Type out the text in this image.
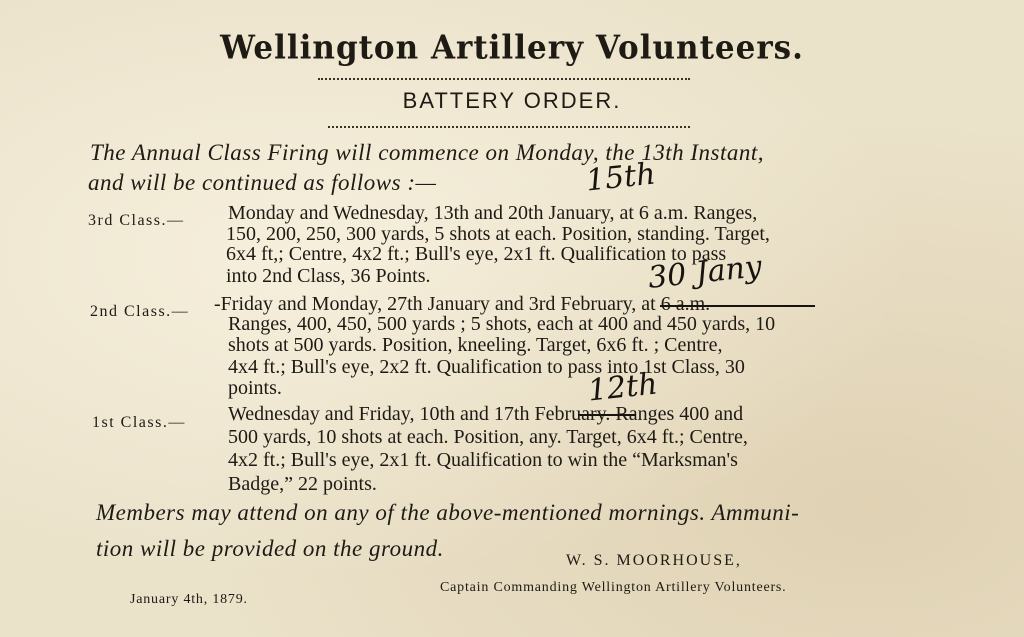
Wellington Artillery Volunteers.
BATTERY ORDER.
The Annual Class Firing will commence on Monday, the 13th Instant,
and will be continued as follows :—
3rd Class.— Monday and Wednesday, 13th and 20th January, at 6 a.m. Ranges,
150, 200, 250, 300 yards, 5 shots at each. Position, standing. Target,
6x4 ft,; Centre, 4x2 ft.; Bull's eye, 2x1 ft. Qualification to pass
into 2nd Class, 36 Points.
15th
2nd Class.— -Friday and Monday, 27th January and 3rd February, at 6 a.m.
Ranges, 400, 450, 500 yards ; 5 shots, each at 400 and 450 yards, 10
shots at 500 yards. Position, kneeling. Target, 6x6 ft. ; Centre,
4x4 ft.; Bull's eye, 2x2 ft. Qualification to pass into 1st Class, 30
points.
30 Jany
1st Class.— Wednesday and Friday, 10th and 17th February. Ranges 400 and
500 yards, 10 shots at each. Position, any. Target, 6x4 ft.; Centre,
4x2 ft.; Bull's eye, 2x1 ft. Qualification to win the “Marksman's
Badge,” 22 points.
12th
Members may attend on any of the above-mentioned mornings. Ammuni-
tion will be provided on the ground.	W. S. MOORHOUSE,
Captain Commanding Wellington Artillery Volunteers.
January 4th, 1879.
